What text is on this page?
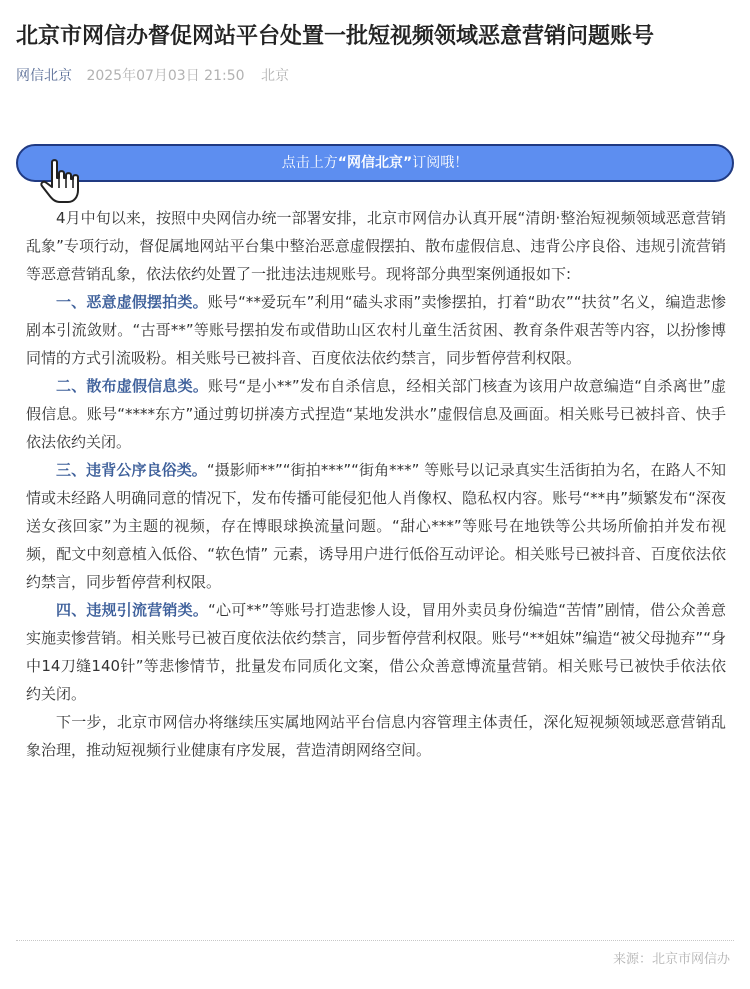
北京市网信办督促网站平台处置一批短视频领域恶意营销问题账号
网信北京 2025年07月03日 21:50 北京
点击上方“网信北京”订阅哦！

4月中旬以来，按照中央网信办统一部署安排，北京市网信办认真开展“清朗·整治短视频领域恶意营销乱象”专项行动，督促属地网站平台集中整治恶意虚假摆拍、散布虚假信息、违背公序良俗、违规引流营销等恶意营销乱象，依法依约处置了一批违法违规账号。现将部分典型案例通报如下:

一、恶意虚假摆拍类。账号“**爱玩车”利用“磕头求雨”卖惨摆拍，打着“助农”“扶贫”名义，编造悲惨剧本引流敛财。“古哥**”等账号摆拍发布或借助山区农村儿童生活贫困、教育条件艰苦等内容，以扮惨博同情的方式引流吸粉。相关账号已被抖音、百度依法依约禁言，同步暂停营利权限。

二、散布虚假信息类。账号“是小**”发布自杀信息，经相关部门核查为该用户故意编造“自杀离世”虚假信息。账号“****东方”通过剪切拼凑方式捏造“某地发洪水”虚假信息及画面。相关账号已被抖音、快手依法依约关闭。

三、违背公序良俗类。“摄影师**”“街拍***”“街角***” 等账号以记录真实生活街拍为名，在路人不知情或未经路人明确同意的情况下，发布传播可能侵犯他人肖像权、隐私权内容。账号“**冉”频繁发布“深夜送女孩回家”为主题的视频，存在博眼球换流量问题。“甜心***”等账号在地铁等公共场所偷拍并发布视频，配文中刻意植入低俗、“软色情” 元素，诱导用户进行低俗互动评论。相关账号已被抖音、百度依法依约禁言，同步暂停营利权限。

四、违规引流营销类。“心可**”等账号打造悲惨人设，冒用外卖员身份编造“苦情”剧情，借公众善意实施卖惨营销。相关账号已被百度依法依约禁言，同步暂停营利权限。账号“**姐妹”编造“被父母抛弃”“身中14刀缝140针”等悲惨情节，批量发布同质化文案，借公众善意博流量营销。相关账号已被快手依法依约关闭。

下一步，北京市网信办将继续压实属地网站平台信息内容管理主体责任，深化短视频领域恶意营销乱象治理，推动短视频行业健康有序发展，营造清朗网络空间。

来源：北京市网信办
